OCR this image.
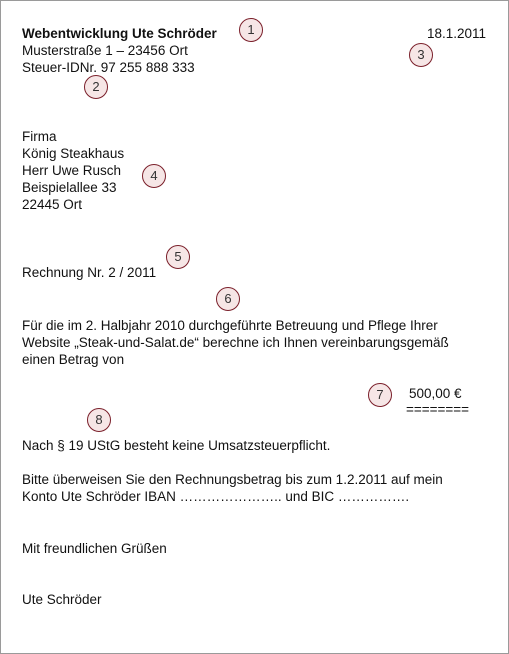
Webentwicklung Ute Schröder
Musterstraße 1 – 23456 Ort
Steuer-IDNr. 97 255 888 333
18.1.2011
Firma
König Steakhaus
Herr Uwe Rusch
Beispielallee 33
22445 Ort
Rechnung Nr. 2 / 2011
Für die im 2. Halbjahr 2010 durchgeführte Betreuung und Pflege Ihrer
Website „Steak-und-Salat.de“ berechne ich Ihnen vereinbarungsgemäß
einen Betrag von
500,00 €
========
Nach § 19 UStG besteht keine Umsatzsteuerpflicht.
Bitte überweisen Sie den Rechnungsbetrag bis zum 1.2.2011 auf mein
Konto Ute Schröder IBAN ………………….. und BIC …………….
Mit freundlichen Grüßen
Ute Schröder
1
2
3
4
5
6
7
8
